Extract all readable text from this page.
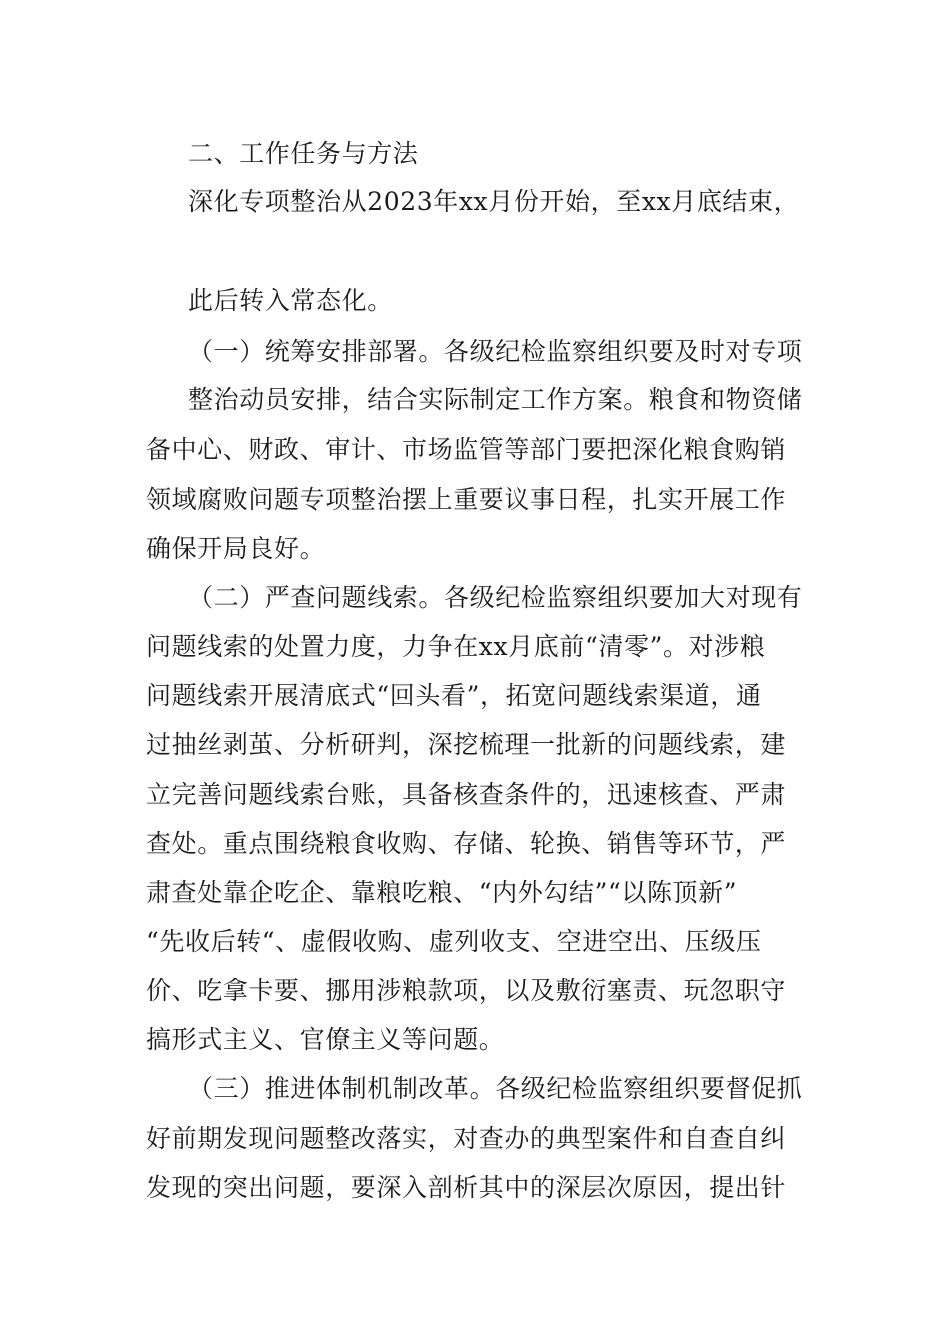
二、工作任务与方法
深化专项整治从2023年xx月份开始，至xx月底结束，
此后转入常态化。
（一）统筹安排部署。各级纪检监察组织要及时对专项
整治动员安排，结合实际制定工作方案。粮食和物资储
备中心、财政、审计、市场监管等部门要把深化粮食购销
领域腐败问题专项整治摆上重要议事日程，扎实开展工作
确保开局良好。
（二）严查问题线索。各级纪检监察组织要加大对现有
问题线索的处置力度，力争在xx月底前“清零”。对涉粮
问题线索开展清底式“回头看”，拓宽问题线索渠道，通
过抽丝剥茧、分析研判，深挖梳理一批新的问题线索，建
立完善问题线索台账，具备核查条件的，迅速核查、严肃
查处。重点围绕粮食收购、存储、轮换、销售等环节，严
肃查处靠企吃企、靠粮吃粮、“内外勾结”“以陈顶新”
“先收后转“、虚假收购、虚列收支、空进空出、压级压
价、吃拿卡要、挪用涉粮款项，以及敷衍塞责、玩忽职守
搞形式主义、官僚主义等问题。
（三）推进体制机制改革。各级纪检监察组织要督促抓
好前期发现问题整改落实，对查办的典型案件和自查自纠
发现的突出问题，要深入剖析其中的深层次原因，提出针
